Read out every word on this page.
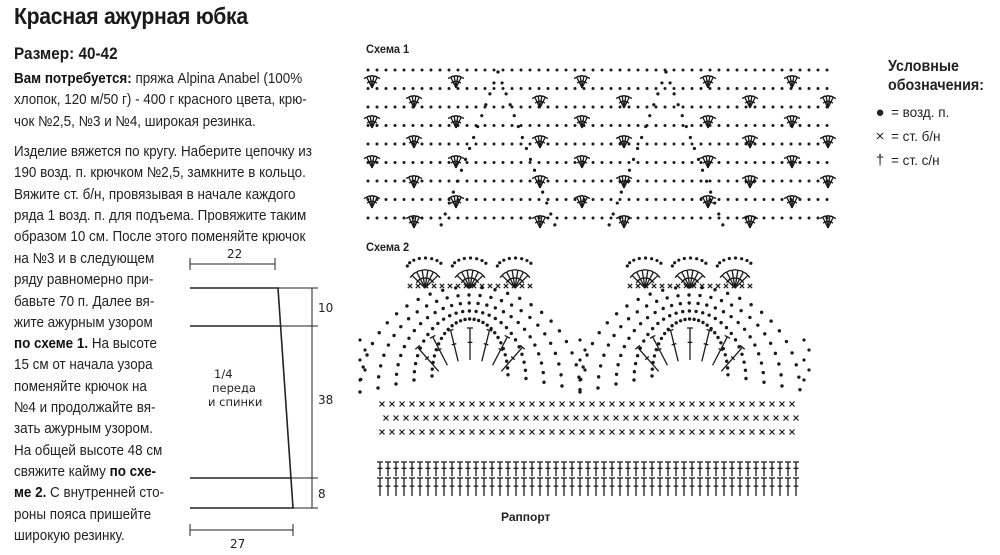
Красная ажурная юбка
Размер: 40-42
Вам потребуется: пряжа Alpina Anabel (100%
хлопок, 120 м/50 г) - 400 г красного цвета, крю-
чок №2,5, №3 и №4, широкая резинка.
Изделие вяжется по кругу. Наберите цепочку из
190 возд. п. крючком №2,5, замкните в кольцо.
Вяжите ст. б/н, провязывая в начале каждого
ряда 1 возд. п. для подъема. Провяжите таким
образом 10 см. После этого поменяйте крючок
на №3 и в следующем
ряду равномерно при-
бавьте 70 п. Далее вя-
жите ажурным узором
по схеме 1. На высоте
15 см от начала узора
поменяйте крючок на
№4 и продолжайте вя-
зать ажурным узором.
На общей высоте 48 см
свяжите кайму по схе-
ме 2. С внутренней сто-
роны пояса пришейте
широкую резинку.
22
10
38
8
27
1/4
переда
и спинки
Раппорт
Схема 1
Схема 2
Условные
обозначения:
● = возд. п.
× = ст. б/н
† = ст. с/н
